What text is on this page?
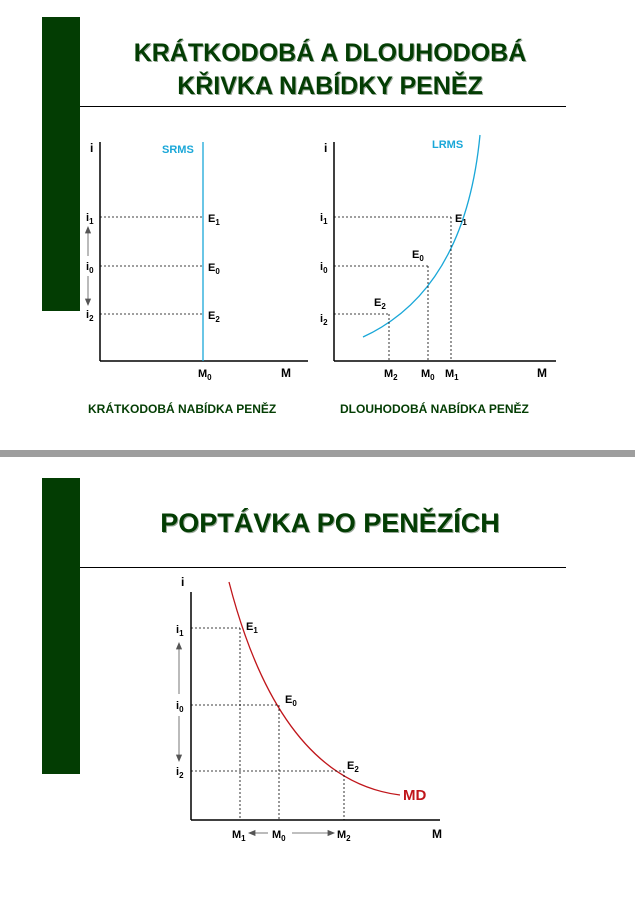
KRÁTKODOBÁ A DLOUHODOBÁ
KŘIVKA NABÍDKY PENĚZ
i
M
SRMS
$i_1$
$i_0$
$i_2$
$E_1$
$E_0$
$E_2$
$M_0$
i
M
LRMS
$i_1$
$i_0$
$i_2$
$E_1$
$E_0$
$E_2$
$M_2$ $M_0$ $M_1$
i
M
MD
$i_1$
$i_0$
$i_2$
$E_1$
$E_0$
$E_2$
$M_1$ $M_0$	$M_2$
KRÁTKODOBÁ NABÍDKA PENĚZ	DLOUHODOBÁ NABÍDKA PENĚZ
POPTÁVKA PO PENĚZÍCH
